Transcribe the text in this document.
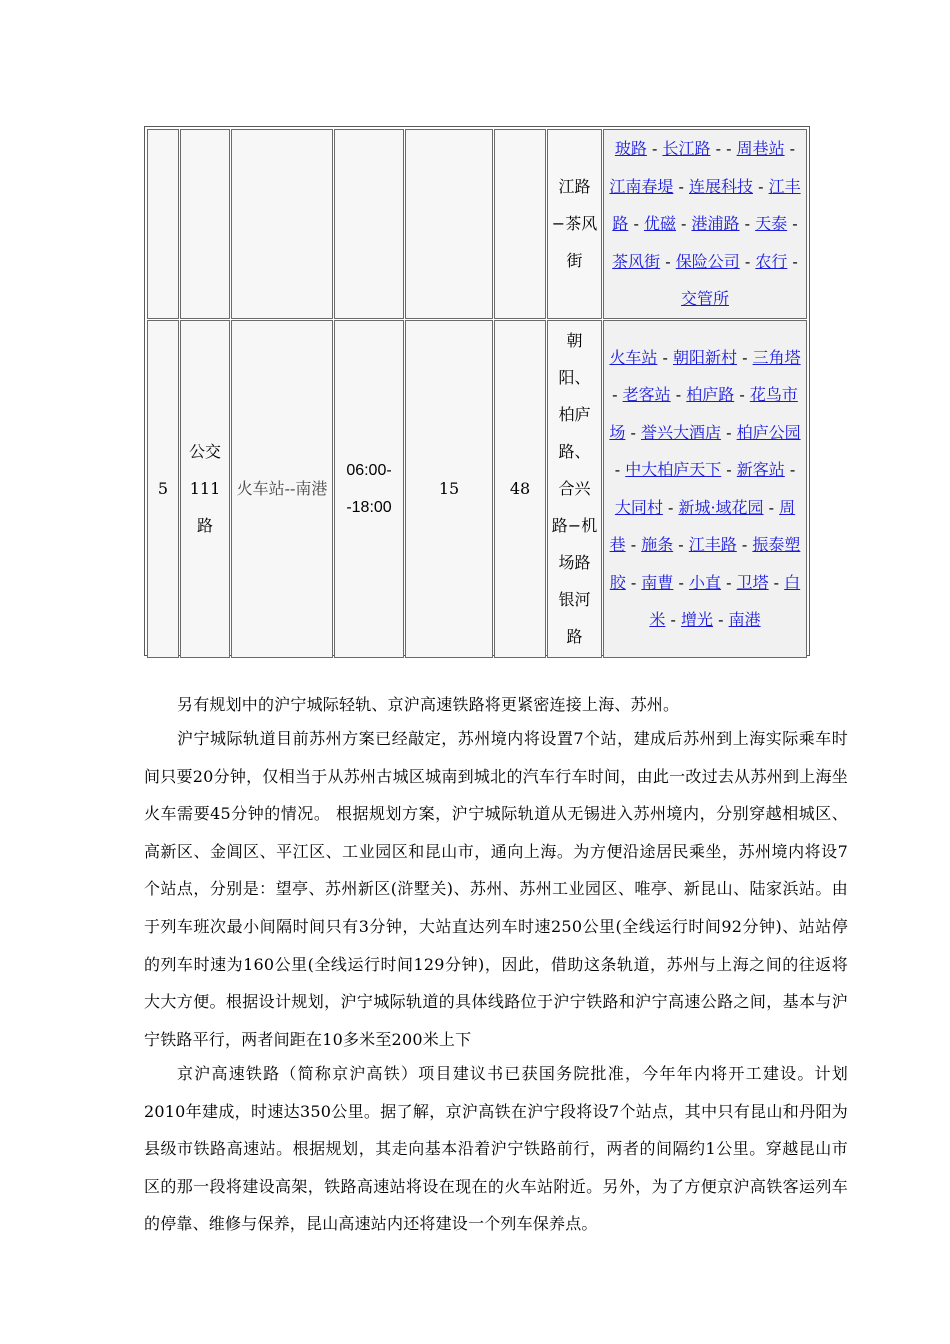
						江路−茶风街	玻路 - 长江路 - - 周巷站 - 江南春堤 - 连展科技 - 江丰路 - 优磁 - 港浦路 - 天泰 - 茶风街 - 保险公司 - 农行 - 交管所
5	公交111路	火车站--南港	06:00--18:00	15	48	朝阳、柏庐路、合兴路−机场路银河路	火车站 - 朝阳新村 - 三角塔 - 老客站 - 柏庐路 - 花鸟市场 - 誉兴大酒店 - 柏庐公园 - 中大柏庐天下 - 新客站 - 大同村 - 新城·域花园 - 周巷 - 施条 - 江丰路 - 振泰塑胶 - 南曹 - 小直 - 卫塔 - 白米 - 增光 - 南港

另有规划中的沪宁城际轻轨、京沪高速铁路将更紧密连接上海、苏州。

沪宁城际轨道目前苏州方案已经敲定，苏州境内将设置7个站，建成后苏州到上海实际乘车时间只要20分钟，仅相当于从苏州古城区城南到城北的汽车行车时间，由此一改过去从苏州到上海坐火车需要45分钟的情况。 根据规划方案，沪宁城际轨道从无锡进入苏州境内，分别穿越相城区、高新区、金阊区、平江区、工业园区和昆山市，通向上海。为方便沿途居民乘坐，苏州境内将设7个站点，分别是：望亭、苏州新区(浒墅关)、苏州、苏州工业园区、唯亭、新昆山、陆家浜站。由于列车班次最小间隔时间只有3分钟，大站直达列车时速250公里(全线运行时间92分钟)、站站停的列车时速为160公里(全线运行时间129分钟)，因此，借助这条轨道，苏州与上海之间的往返将大大方便。根据设计规划，沪宁城际轨道的具体线路位于沪宁铁路和沪宁高速公路之间，基本与沪宁铁路平行，两者间距在10多米至200米上下

京沪高速铁路（简称京沪高铁）项目建议书已获国务院批准，今年年内将开工建设。计划2010年建成，时速达350公里。据了解，京沪高铁在沪宁段将设7个站点，其中只有昆山和丹阳为县级市铁路高速站。根据规划，其走向基本沿着沪宁铁路前行，两者的间隔约1公里。穿越昆山市区的那一段将建设高架，铁路高速站将设在现在的火车站附近。另外，为了方便京沪高铁客运列车的停靠、维修与保养，昆山高速站内还将建设一个列车保养点。
